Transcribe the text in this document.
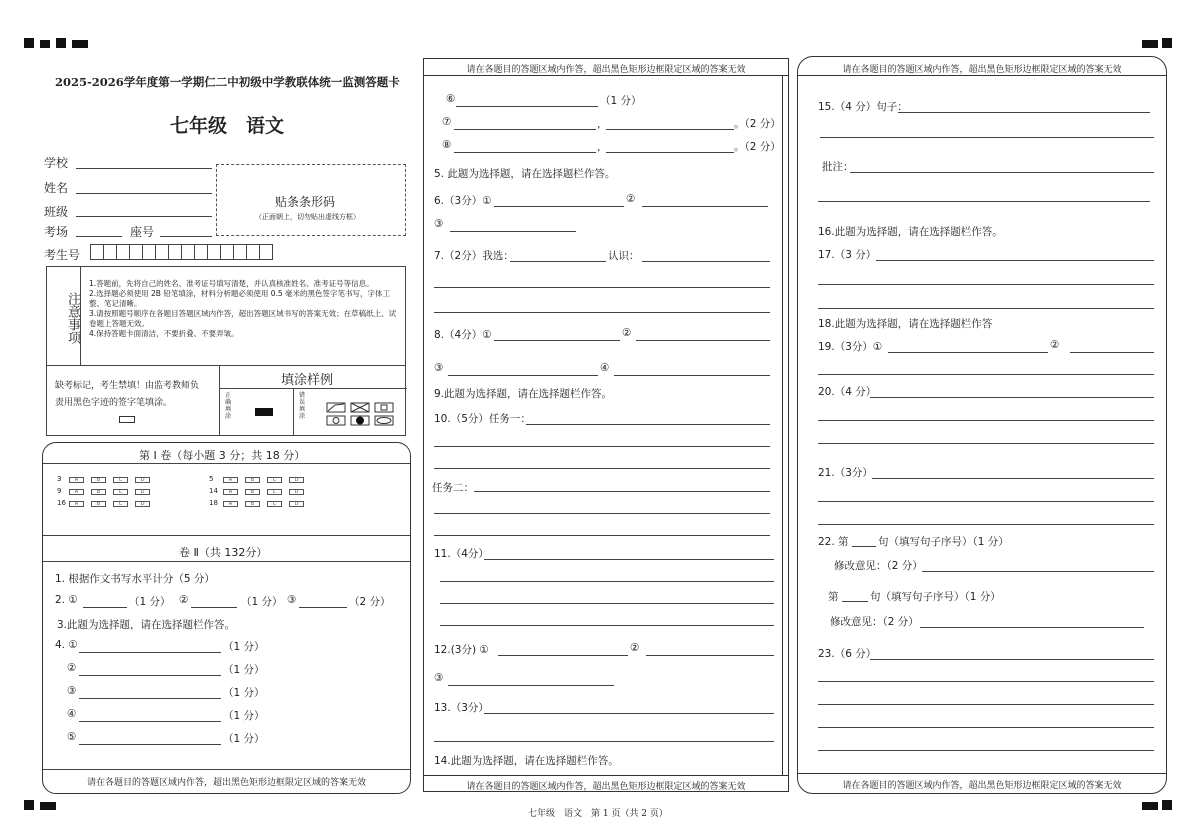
2025-2026学年度第一学期仁二中初级中学教联体统一监测答题卡
七年级　语文
学校
姓名
班级
考场	座号
贴条条形码
（正面朝上，切勿贴出虚线方框）
考生号
注意事项
1.答题前，先将自己的姓名、准考证号填写清楚，并认真核准姓名、准考证号等信息。
2.选择题必须使用 2B 铅笔填涂，材料分析题必须使用 0.5 毫米的黑色签字笔书写，字体工整、笔记清晰。
3.请按照题号顺序在各题目答题区域内作答，超出答题区域书写的答案无效；在草稿纸上、试卷题上答题无效。
4.保持答题卡面清洁，不要折叠、不要弄皱。
缺考标记，考生禁填！由监考教师负
责用黑色字迹的签字笔填涂。
填涂样例
正确填涂
错误填涂
第 Ⅰ 卷（每小题 3 分；共 18 分）
3	A	B	C	D
9	A	B	C	D
16 A	B	C	D
5	A	B	C	D
14 A	B	C	D
18 A	B	C	D
卷 Ⅱ（共 132分）
1. 根据作文书写水平计分（5 分）
2. ①	（1 分） ②	（1 分） ③	（2 分）
3.此题为选择题，请在选择题栏作答。
4. ①	（1 分）
②	（1 分）
③	（1 分）
④	（1 分）
⑤	（1 分）
请在各题目的答题区域内作答，超出黑色矩形边框限定区域的答案无效
请在各题目的答题区域内作答，超出黑色矩形边框限定区域的答案无效
请在各题目的答题区域内作答，超出黑色矩形边框限定区域的答案无效
⑥	（1 分）
⑦	，	。（2 分）
⑧	，	。（2 分）
5. 此题为选择题，请在选择题栏作答。
6.（3分）①	②
③
7.（2分）我选：	认识：
8.（4分）①	②
③	④
9.此题为选择题，请在选择题栏作答。
10.（5分）任务一：
任务二：
11.（4分）
12.(3分) ①	②
③
13.（3分）
14.此题为选择题，请在选择题栏作答。
请在各题目的答题区域内作答，超出黑色矩形边框限定区域的答案无效
请在各题目的答题区域内作答，超出黑色矩形边框限定区域的答案无效
15.（4 分）句子：
批注：
16.此题为选择题，请在选择题栏作答。
17.（3 分）
18.此题为选择题，请在选择题栏作答
19.（3分）①	②
20.（4 分）
21.（3分）
22. 第	句（填写句子序号）（1 分）
修改意见：（2 分）
第	句（填写句子序号）（1 分）
修改意见：（2 分）
23.（6 分）
七年级　语文　第 1 页（共 2 页）
